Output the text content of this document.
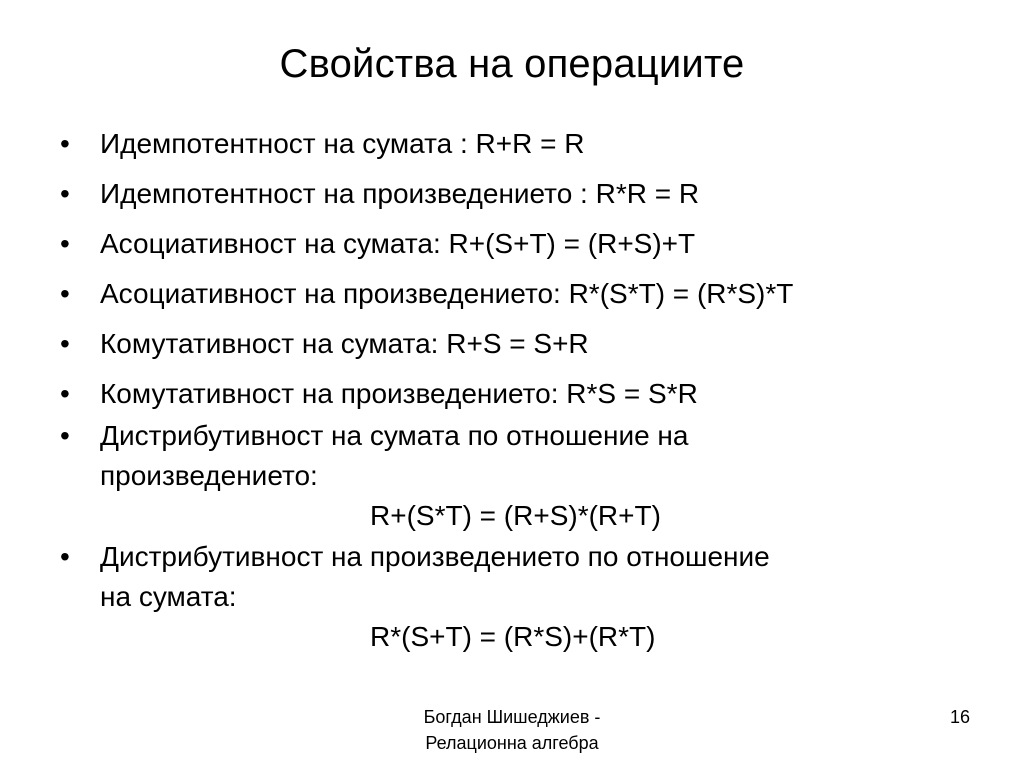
Свойства на операциите
•	Идемпотентност на сумата : R+R = R
•	Идемпотентност на произведението : R*R = R
•	Асоциативност на сумата: R+(S+T) = (R+S)+T
•	Асоциативност на произведението: R*(S*T) = (R*S)*T
•	Комутативност на сумата: R+S = S+R
•	Комутативност на произведението: R*S = S*R
•	Дистрибутивност на сумата по отношение на
произведението:
R+(S*T) = (R+S)*(R+T)
•	Дистрибутивност на произведението по отношение
на сумата:
R*(S+T) = (R*S)+(R*T)
Богдан Шишеджиев -
Релационна алгебра
16
